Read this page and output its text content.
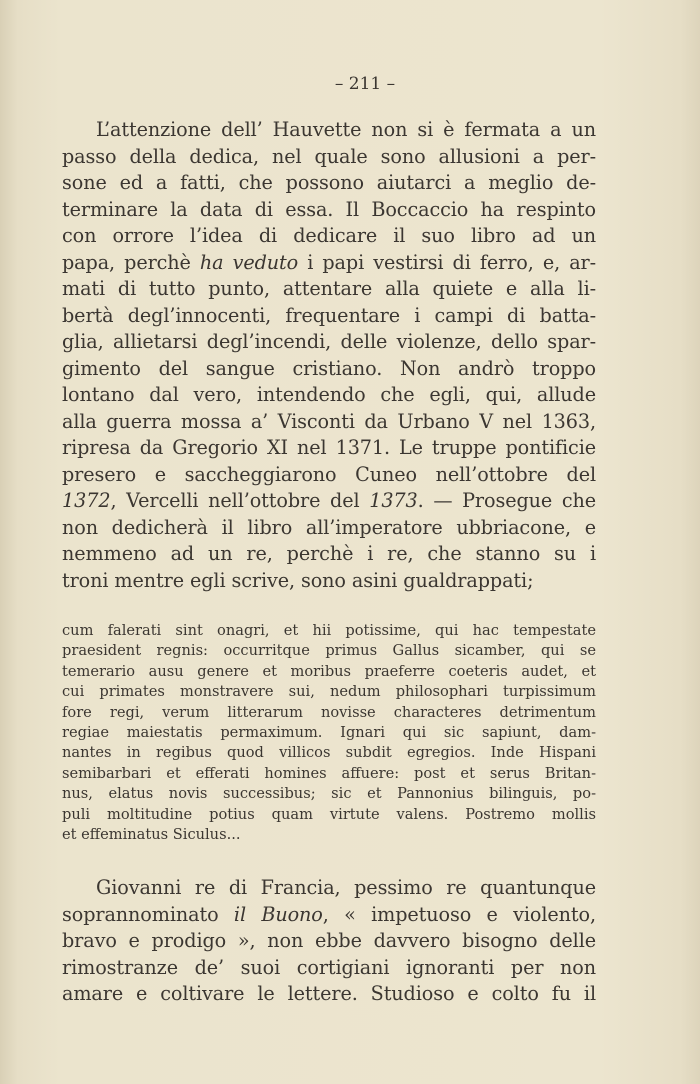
– 211 –
L’attenzione dell’ Hauvette non si è fermata a un
passo della dedica, nel quale sono allusioni a per-
sone ed a fatti, che possono aiutarci a meglio de-
terminare la data di essa. Il Boccaccio ha respinto
con orrore l’idea di dedicare il suo libro ad un
papa, perchè ha veduto i papi vestirsi di ferro, e, ar-
mati di tutto punto, attentare alla quiete e alla li-
bertà degl’innocenti, frequentare i campi di batta-
glia, allietarsi degl’incendi, delle violenze, dello spar-
gimento del sangue cristiano. Non andrò troppo
lontano dal vero, intendendo che egli, qui, allude
alla guerra mossa a’ Visconti da Urbano V nel 1363,
ripresa da Gregorio XI nel 1371. Le truppe pontificie
presero e saccheggiarono Cuneo nell’ottobre del
1372, Vercelli nell’ottobre del 1373. — Prosegue che
non dedicherà il libro all’imperatore ubbriacone, e
nemmeno ad un re, perchè i re, che stanno su i
troni mentre egli scrive, sono asini gualdrappati;
cum falerati sint onagri, et hii potissime, qui hac tempestate
praesident regnis: occurritque primus Gallus sicamber, qui se
temerario ausu genere et moribus praeferre coeteris audet, et
cui primates monstravere sui, nedum philosophari turpissimum
fore regi, verum litterarum novisse characteres detrimentum
regiae maiestatis permaximum. Ignari qui sic sapiunt, dam-
nantes in regibus quod villicos subdit egregios. Inde Hispani
semibarbari et efferati homines affuere: post et serus Britan-
nus, elatus novis successibus; sic et Pannonius bilinguis, po-
puli moltitudine potius quam virtute valens. Postremo mollis
et effeminatus Siculus...
Giovanni re di Francia, pessimo re quantunque
soprannominato il Buono, « impetuoso e violento,
bravo e prodigo », non ebbe davvero bisogno delle
rimostranze de’ suoi cortigiani ignoranti per non
amare e coltivare le lettere. Studioso e colto fu il
